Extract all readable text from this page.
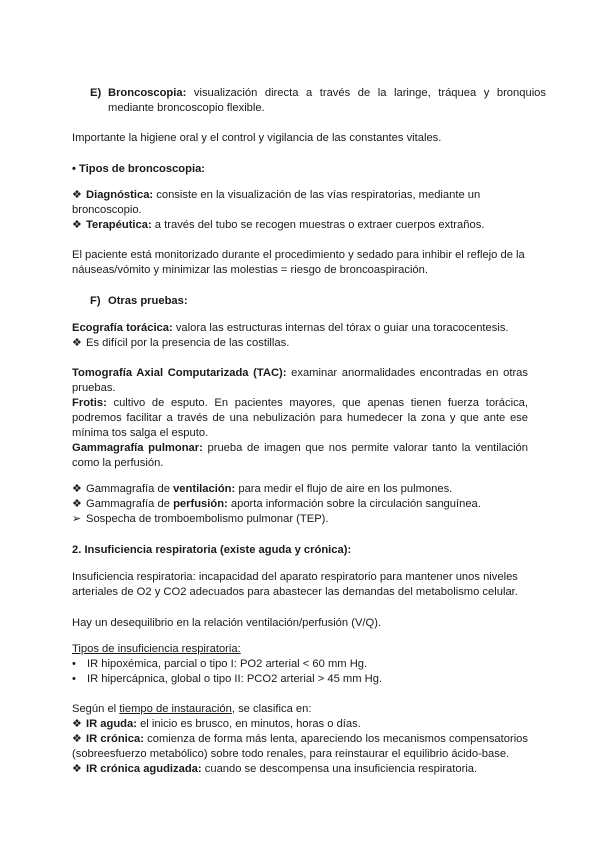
E) Broncoscopia: visualización directa a través de la laringe, tráquea y bronquios mediante broncoscopio flexible.

Importante la higiene oral y el control y vigilancia de las constantes vitales.

• Tipos de broncoscopia:

❖ Diagnóstica: consiste en la visualización de las vías respiratorias, mediante un broncoscopio.

❖ Terapéutica: a través del tubo se recogen muestras o extraer cuerpos extraños.

El paciente está monitorizado durante el procedimiento y sedado para inhibir el reflejo de la náuseas/vómito y minimizar las molestias = riesgo de broncoaspiración.

F) Otras pruebas:

Ecografía torácica: valora las estructuras internas del tórax o guiar una toracocentesis.

❖ Es difícil por la presencia de las costillas.

Tomografía Axial Computarizada (TAC): examinar anormalidades encontradas en otras pruebas.

Frotis: cultivo de esputo. En pacientes mayores, que apenas tienen fuerza torácica, podremos facilitar a través de una nebulización para humedecer la zona y que ante ese mínima tos salga el esputo.

Gammagrafía pulmonar: prueba de imagen que nos permite valorar tanto la ventilación como la perfusión.

❖ Gammagrafía de ventilación: para medir el flujo de aire en los pulmones.

❖ Gammagrafía de perfusión: aporta información sobre la circulación sanguínea.

➢ Sospecha de tromboembolismo pulmonar (TEP).

2. Insuficiencia respiratoria (existe aguda y crónica):

Insuficiencia respiratoria: incapacidad del aparato respiratorio para mantener unos niveles arteriales de O2 y CO2 adecuados para abastecer las demandas del metabolismo celular.

Hay un desequilibrio en la relación ventilación/perfusión (V/Q).

Tipos de insuficiencia respiratoria:

• IR hipoxémica, parcial o tipo I: PO2 arterial < 60 mm Hg.

• IR hipercápnica, global o tipo II: PCO2 arterial > 45 mm Hg.

Según el tiempo de instauración, se clasifica en:

❖ IR aguda: el inicio es brusco, en minutos, horas o días.

❖ IR crónica: comienza de forma más lenta, apareciendo los mecanismos compensatorios (sobreesfuerzo metabólico) sobre todo renales, para reinstaurar el equilibrio ácido-base.

❖ IR crónica agudizada: cuando se descompensa una insuficiencia respiratoria.
